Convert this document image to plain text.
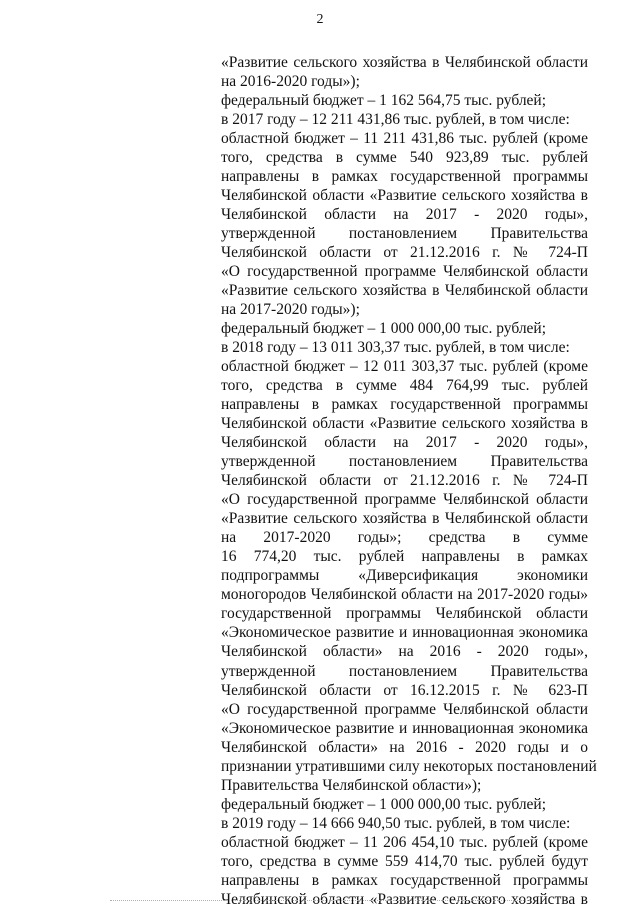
2
«Развитие сельского хозяйства в Челябинской области
на 2016-2020 годы»);
федеральный бюджет – 1 162 564,75 тыс. рублей;
в 2017 году – 12 211 431,86 тыс. рублей, в том числе:
областной бюджет – 11 211 431,86 тыс. рублей (кроме
того, средства в сумме 540 923,89 тыс. рублей
направлены в рамках государственной программы
Челябинской области «Развитие сельского хозяйства в
Челябинской области на 2017 - 2020 годы»,
утвержденной постановлением Правительства
Челябинской области от 21.12.2016 г. № 724-П
«О государственной программе Челябинской области
«Развитие сельского хозяйства в Челябинской области
на 2017-2020 годы»);
федеральный бюджет – 1 000 000,00 тыс. рублей;
в 2018 году – 13 011 303,37 тыс. рублей, в том числе:
областной бюджет – 12 011 303,37 тыс. рублей (кроме
того, средства в сумме 484 764,99 тыс. рублей
направлены в рамках государственной программы
Челябинской области «Развитие сельского хозяйства в
Челябинской области на 2017 - 2020 годы»,
утвержденной постановлением Правительства
Челябинской области от 21.12.2016 г. № 724-П
«О государственной программе Челябинской области
«Развитие сельского хозяйства в Челябинской области
на 2017-2020 годы»; средства в сумме
16 774,20 тыс. рублей направлены в рамках
подпрограммы «Диверсификация экономики
моногородов Челябинской области на 2017-2020 годы»
государственной программы Челябинской области
«Экономическое развитие и инновационная экономика
Челябинской области» на 2016 - 2020 годы»,
утвержденной постановлением Правительства
Челябинской области от 16.12.2015 г. № 623-П
«О государственной программе Челябинской области
«Экономическое развитие и инновационная экономика
Челябинской области» на 2016 - 2020 годы и о
признании утратившими силу некоторых постановлений
Правительства Челябинской области»);
федеральный бюджет – 1 000 000,00 тыс. рублей;
в 2019 году – 14 666 940,50 тыс. рублей, в том числе:
областной бюджет – 11 206 454,10 тыс. рублей (кроме
того, средства в сумме 559 414,70 тыс. рублей будут
направлены в рамках государственной программы
Челябинской области «Развитие сельского хозяйства в
